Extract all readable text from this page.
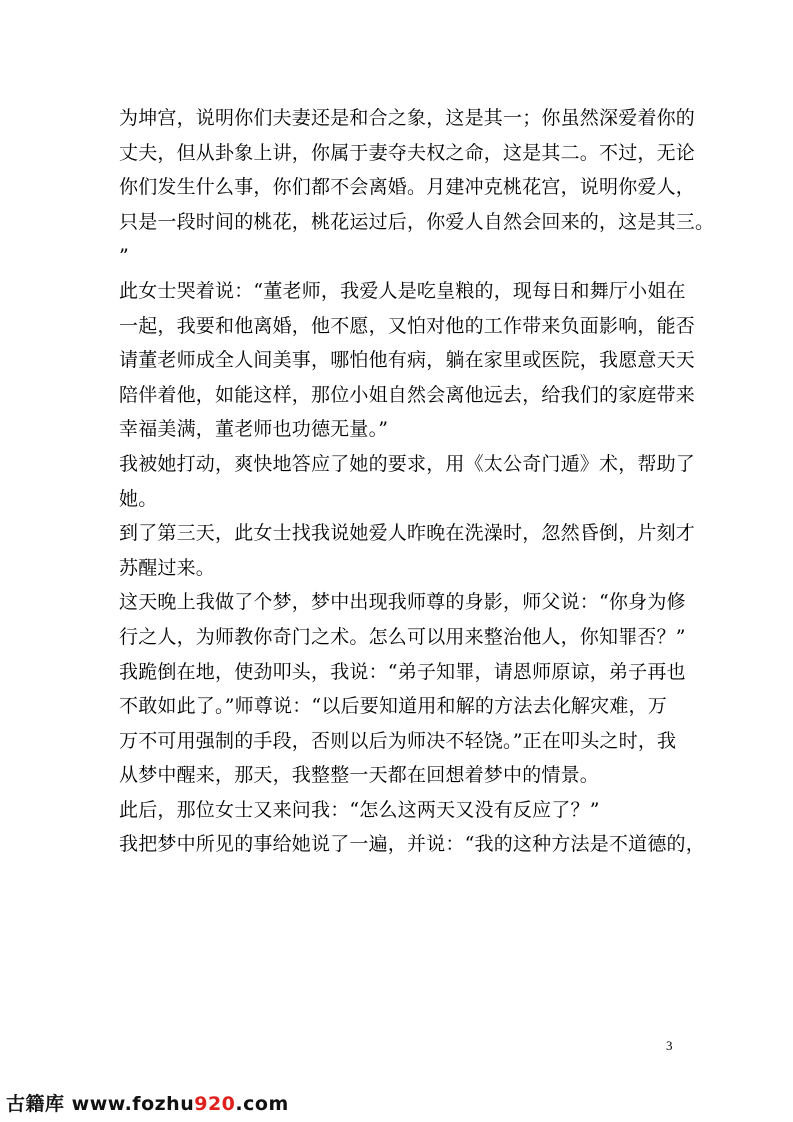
为坤宫，说明你们夫妻还是和合之象，这是其一；你虽然深爱着你的
丈夫，但从卦象上讲，你属于妻夺夫权之命，这是其二。不过，无论
你们发生什么事，你们都不会离婚。月建冲克桃花宫，说明你爱人，
只是一段时间的桃花，桃花运过后，你爱人自然会回来的，这是其三。
”
此女士哭着说：“董老师，我爱人是吃皇粮的，现每日和舞厅小姐在
一起，我要和他离婚，他不愿，又怕对他的工作带来负面影响，能否
请董老师成全人间美事，哪怕他有病，躺在家里或医院，我愿意天天
陪伴着他，如能这样，那位小姐自然会离他远去，给我们的家庭带来
幸福美满，董老师也功德无量。”
我被她打动，爽快地答应了她的要求，用《太公奇门遁》术，帮助了
她。
到了第三天，此女士找我说她爱人昨晚在洗澡时，忽然昏倒，片刻才
苏醒过来。
这天晚上我做了个梦，梦中出现我师尊的身影，师父说：“你身为修
行之人，为师教你奇门之术。怎么可以用来整治他人，你知罪否？”
我跪倒在地，使劲叩头，我说：“弟子知罪，请恩师原谅，弟子再也
不敢如此了。”师尊说：“以后要知道用和解的方法去化解灾难，万
万不可用强制的手段，否则以后为师决不轻饶。”正在叩头之时，我
从梦中醒来，那天，我整整一天都在回想着梦中的情景。
此后，那位女士又来问我：“怎么这两天又没有反应了？”
我把梦中所见的事给她说了一遍，并说：“我的这种方法是不道德的，
3
古籍库 www.fozhu920.com
